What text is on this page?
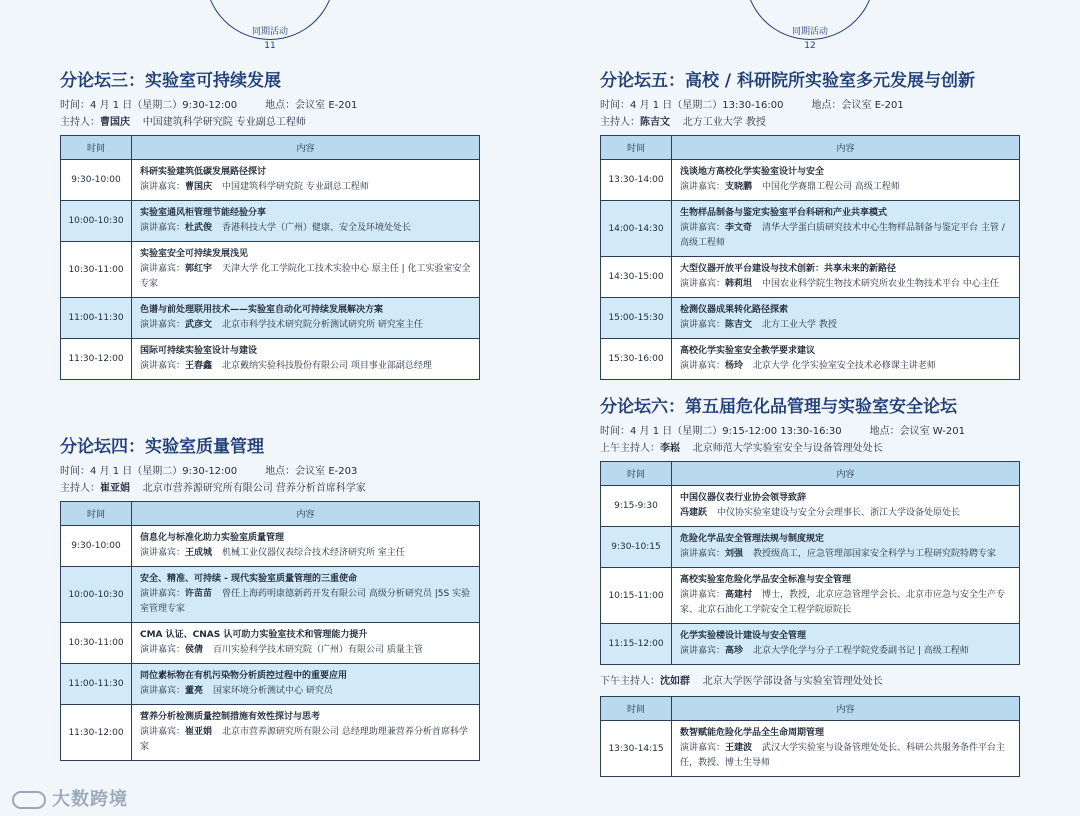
同期活动
11
分论坛三：实验室可持续发展
时间：4 月 1 日（星期二）9:30-12:00	地点：会议室 E-201
主持人：曹国庆 中国建筑科学研究院 专业副总工程师
时间	内容
9:30-10:00	科研实验建筑低碳发展路径探讨
演讲嘉宾：曹国庆 中国建筑科学研究院 专业副总工程师

10:00-10:30	实验室通风柜管理节能经验分享
演讲嘉宾：杜武俊 香港科技大学（广州）健康、安全及环境处处长

10:30-11:00	实验室安全可持续发展浅见
演讲嘉宾：郭红宇 天津大学 化工学院化工技术实验中心 原主任 | 化工实验室安全专家

11:00-11:30	色谱与前处理联用技术——实验室自动化可持续发展解决方案
演讲嘉宾：武彦文 北京市科学技术研究院分析测试研究所 研究室主任

11:30-12:00	国际可持续实验室设计与建设
演讲嘉宾：王春鑫 北京戴纳实验科技股份有限公司 项目事业部副总经理
分论坛四：实验室质量管理
时间：4 月 1 日（星期二）9:30-12:00	地点：会议室 E-203
主持人：崔亚娟 北京市营养源研究所有限公司 营养分析首席科学家
时间	内容
9:30-10:00	信息化与标准化助力实验室质量管理
演讲嘉宾：王成城 机械工业仪器仪表综合技术经济研究所 室主任

10:00-10:30	安全、精准、可持续 - 现代实验室质量管理的三重使命
演讲嘉宾：许苗苗 曾任上海药明康德新药开发有限公司 高级分析研究员 |5S 实验室管理专家

10:30-11:00	CMA 认证、CNAS 认可助力实验室技术和管理能力提升
演讲嘉宾：侯倩 百川实验科学技术研究院（广州）有限公司 质量主管

11:00-11:30	同位素标物在有机污染物分析质控过程中的重要应用
演讲嘉宾：董亮 国家环境分析测试中心 研究员

11:30-12:00	营养分析检测质量控制措施有效性探讨与思考
演讲嘉宾：崔亚娟 北京市营养源研究所有限公司 总经理助理兼营养分析首席科学家
同期活动
12
分论坛五：高校 / 科研院所实验室多元发展与创新
时间：4 月 1 日（星期二）13:30-16:00	地点：会议室 E-201
主持人：陈吉文 北方工业大学 教授
时间	内容
13:30-14:00	浅谈地方高校化学实验室设计与安全
演讲嘉宾：支晓鹏 中国化学赛鼎工程公司 高级工程师

14:00-14:30	生物样品制备与鉴定实验室平台科研和产业共享模式
演讲嘉宾：李文奇 清华大学蛋白质研究技术中心生物样品制备与鉴定平台 主管 / 高级工程师

14:30-15:00	大型仪器开放平台建设与技术创新：共享未来的新路径
演讲嘉宾：韩莉坦 中国农业科学院生物技术研究所农业生物技术平台 中心主任

15:00-15:30	检测仪器成果转化路径探索
演讲嘉宾：陈吉文 北方工业大学 教授

15:30-16:00	高校化学实验室安全教学要求建议
演讲嘉宾：杨玲 北京大学 化学实验室安全技术必修课主讲老师
分论坛六：第五届危化品管理与实验室安全论坛
时间：4 月 1 日（星期二）9:15-12:00 13:30-16:30	地点：会议室 W-201
上午主持人：李崧 北京师范大学实验室安全与设备管理处处长
时间	内容
9:15-9:30	中国仪器仪表行业协会领导致辞
冯建跃 中仪协实验室建设与安全分会理事长、浙江大学设备处原处长

9:30-10:15	危险化学品安全管理法规与制度规定
演讲嘉宾：刘强 教授级高工，应急管理部国家安全科学与工程研究院特聘专家

10:15-11:00	高校实验室危险化学品安全标准与安全管理
演讲嘉宾：高建村 博士，教授，北京应急管理学会长、北京市应急与安全生产专家、北京石油化工学院安全工程学院原院长

11:15-12:00	化学实验楼设计建设与安全管理
演讲嘉宾：高珍 北京大学化学与分子工程学院党委副书记 | 高级工程师
下午主持人：沈如群 北京大学医学部设备与实验室管理处处长
时间	内容
13:30-14:15	数智赋能危险化学品全生命周期管理
演讲嘉宾：王建波 武汉大学实验室与设备管理处处长、科研公共服务条件平台主任，教授、博士生导师
大数跨境
